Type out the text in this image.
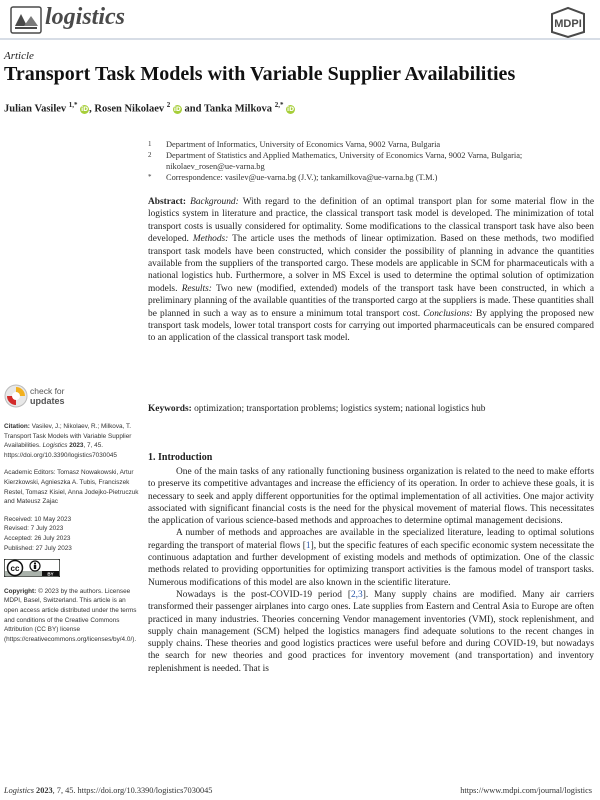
logistics	MDPI
Article
Transport Task Models with Variable Supplier Availabilities
Julian Vasilev $^{1,*}$ iD, Rosen Nikolaev $^2$ iD and Tanka Milkova $^{2,*}$ iD
1	Department of Informatics, University of Economics Varna, 9002 Varna, Bulgaria
2	Department of Statistics and Applied Mathematics, University of Economics Varna, 9002 Varna, Bulgaria; nikolaev_rosen@ue-varna.bg
*	Correspondence: vasilev@ue-varna.bg (J.V.); tankamilkova@ue-varna.bg (T.M.)
Abstract: Background: With regard to the definition of an optimal transport plan for some material flow in the logistics system in literature and practice, the classical transport task model is developed. The minimization of total transport costs is usually considered for optimality. Some modifications to the classical transport task have also been developed. Methods: The article uses the methods of linear optimization. Based on these methods, two modified transport task models have been constructed, which consider the possibility of planning in advance the quantities available from the suppliers of the transported cargo. These models are applicable in SCM for pharmaceuticals with a national logistics hub. Furthermore, a solver in MS Excel is used to determine the optimal solution of optimization models. Results: Two new (modified, extended) models of the transport task have been constructed, in which a preliminary planning of the available quantities of the transported cargo at the suppliers is made. These quantities shall be planned in such a way as to ensure a minimum total transport cost. Conclusions: By applying the proposed new transport task models, lower total transport costs for carrying out imported pharmaceuticals can be ensured compared to an application of the classical transport task model.
Keywords: optimization; transportation problems; logistics system; national logistics hub
check for
updates

Citation: Vasilev, J.; Nikolaev, R.; Milkova, T. Transport Task Models with Variable Supplier Availabilities. Logistics 2023, 7, 45. https://doi.org/10.3390/logistics7030045

Academic Editors: Tomasz Nowakowski, Artur Kierzkowski, Agnieszka A. Tubis, Franciszek Restel, Tomasz Kisiel, Anna Jodejko-Pietruczuk and Mateusz Zajac

Received: 10 May 2023
Revised: 7 July 2023
Accepted: 26 July 2023
Published: 27 July 2023
cc
BY

Copyright: © 2023 by the authors. Licensee MDPI, Basel, Switzerland. This article is an open access article distributed under the terms and conditions of the Creative Commons Attribution (CC BY) license (https://creativecommons.org/licenses/by/4.0/).

1. Introduction

One of the main tasks of any rationally functioning business organization is related to the need to make efforts to preserve its competitive advantages and increase the efficiency of its operation. In order to achieve these goals, it is necessary to seek and apply different opportunities for the optimal implementation of all activities. One major activity associated with significant financial costs is the need for the physical movement of material flows. This necessitates the application of various science-based methods and approaches to determine optimal management decisions.

A number of methods and approaches are available in the specialized literature, leading to optimal solutions regarding the transport of material flows [1], but the specific features of each specific economic system necessitate the continuous adaptation and further development of existing models and methods of optimization. One of the classic methods related to providing opportunities for optimizing transport activities is the famous model of transport tasks. Numerous modifications of this model are also known in the scientific literature.

Nowadays is the post-COVID-19 period [2,3]. Many supply chains are modified. Many air carriers transformed their passenger airplanes into cargo ones. Late supplies from Eastern and Central Asia to Europe are often practiced in many industries. Theories concerning Vendor management inventories (VMI), stock replenishment, and supply chain management (SCM) helped the logistics managers find adequate solutions to the recent changes in supply chains. These theories and good logistics practices were useful before and during COVID-19, but nowadays the search for new theories and good practices for inventory movement (and transportation) and inventory replenishment is needed. That is

Logistics 2023, 7, 45. https://doi.org/10.3390/logistics7030045	https://www.mdpi.com/journal/logistics
